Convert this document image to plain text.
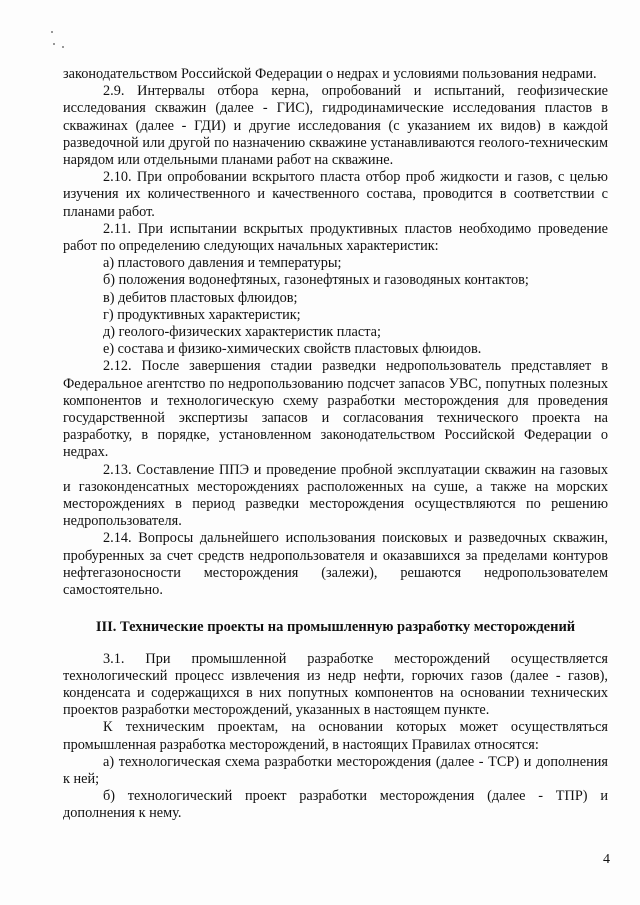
законодательством Российской Федерации о недрах и условиями пользования недрами.

2.9. Интервалы отбора керна, опробований и испытаний, геофизические исследования скважин (далее - ГИС), гидродинамические исследования пластов в скважинах (далее - ГДИ) и другие исследования (с указанием их видов) в каждой разведочной или другой по назначению скважине устанавливаются геолого-техническим нарядом или отдельными планами работ на скважине.

2.10. При опробовании вскрытого пласта отбор проб жидкости и газов, с целью изучения их количественного и качественного состава, проводится в соответствии с планами работ.

2.11. При испытании вскрытых продуктивных пластов необходимо проведение работ по определению следующих начальных характеристик:

а) пластового давления и температуры;

б) положения водонефтяных, газонефтяных и газоводяных контактов;

в) дебитов пластовых флюидов;

г) продуктивных характеристик;

д) геолого-физических характеристик пласта;

е) состава и физико-химических свойств пластовых флюидов.

2.12. После завершения стадии разведки недропользователь представляет в Федеральное агентство по недропользованию подсчет запасов УВС, попутных полезных компонентов и технологическую схему разработки месторождения для проведения государственной экспертизы запасов и согласования технического проекта на разработку, в порядке, установленном законодательством Российской Федерации о недрах.

2.13. Составление ППЭ и проведение пробной эксплуатации скважин на газовых и газоконденсатных месторождениях расположенных на суше, а также на морских месторождениях в период разведки месторождения осуществляются по решению недропользователя.

2.14. Вопросы дальнейшего использования поисковых и разведочных скважин, пробуренных за счет средств недропользователя и оказавшихся за пределами контуров нефтегазоносности месторождения (залежи), решаются недропользователем самостоятельно.

III. Технические проекты на промышленную разработку месторождений

3.1. При промышленной разработке месторождений осуществляется технологический процесс извлечения из недр нефти, горючих газов (далее - газов), конденсата и содержащихся в них попутных компонентов на основании технических проектов разработки месторождений, указанных в настоящем пункте.

К техническим проектам, на основании которых может осуществляться промышленная разработка месторождений, в настоящих Правилах относятся:

а) технологическая схема разработки месторождения (далее - ТСР) и дополнения к ней;

б) технологический проект разработки месторождения (далее - ТПР) и дополнения к нему.

4
